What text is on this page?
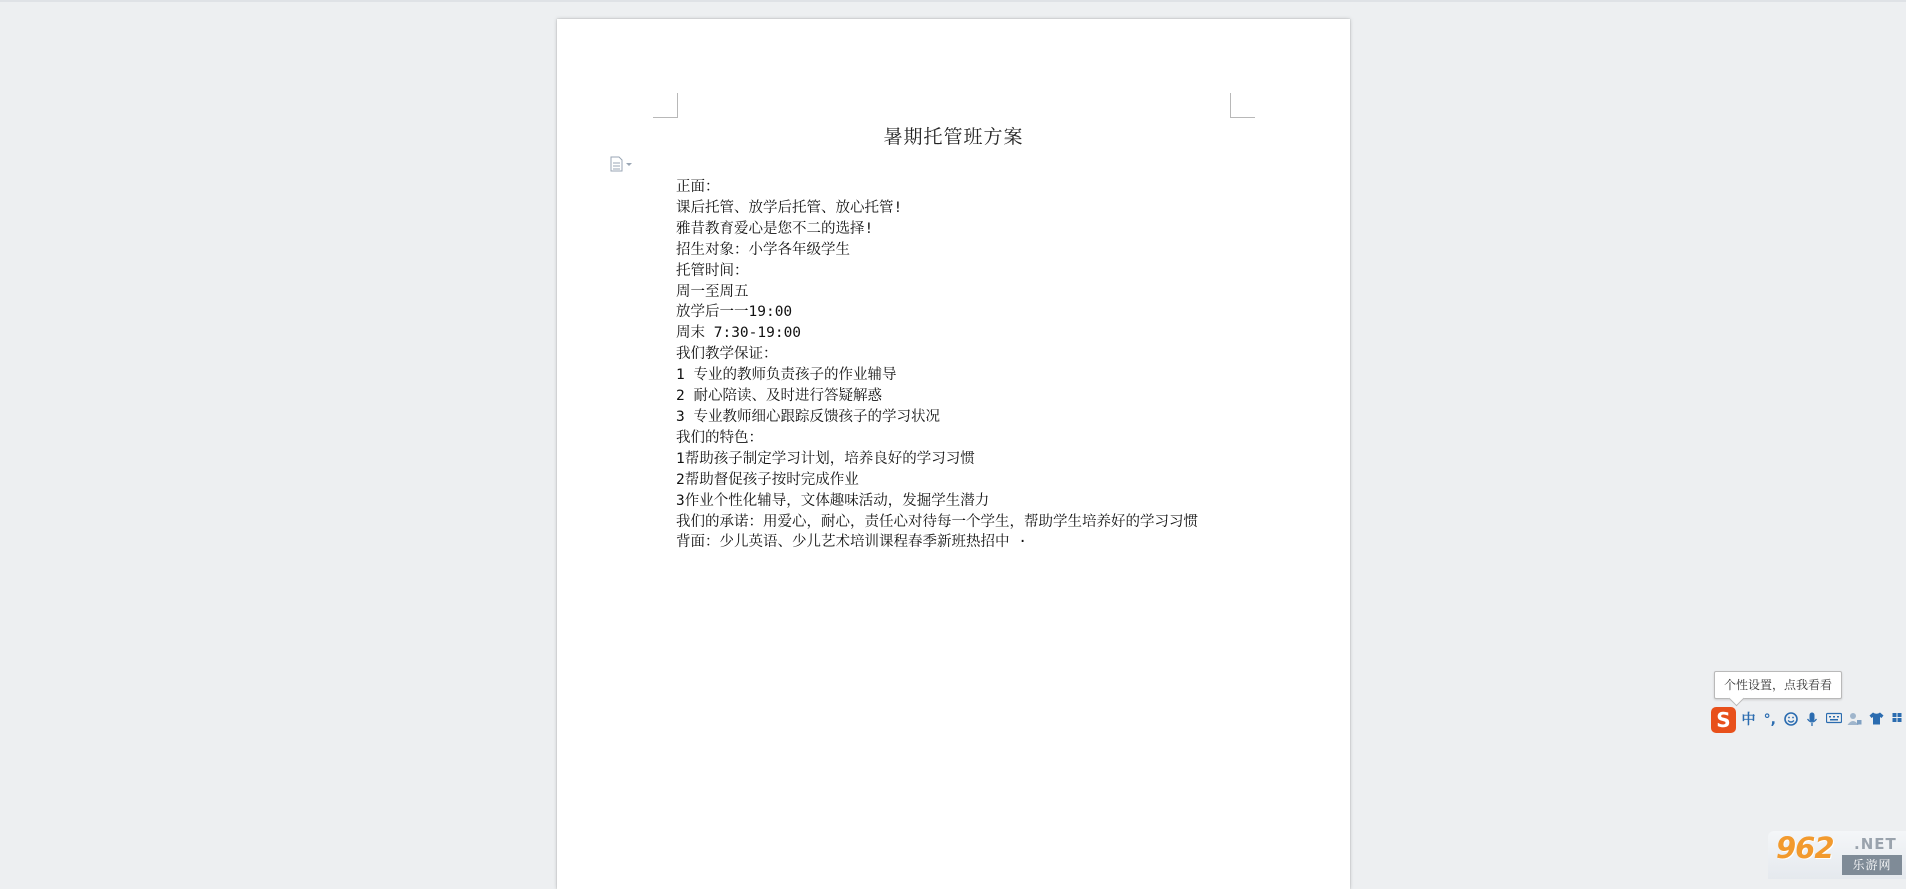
暑期托管班方案
正面：
课后托管、放学后托管、放心托管!
雅昔教育爱心是您不二的选择!
招生对象：小学各年级学生
托管时间：
周一至周五
放学后一一19:00
周末 7:30-19:00
我们教学保证：
1 专业的教师负责孩子的作业辅导
2 耐心陪读、及时进行答疑解惑
3 专业教师细心跟踪反馈孩子的学习状况
我们的特色：
1帮助孩子制定学习计划，培养良好的学习习惯
2帮助督促孩子按时完成作业
3作业个性化辅导，文体趣味活动，发掘学生潜力
我们的承诺：用爱心，耐心，责任心对待每一个学生，帮助学生培养好的学习习惯
背面：少儿英语、少儿艺术培训课程春季新班热招中 ·
个性设置，点我看看
S 中 °,
962 .NET
乐游网
